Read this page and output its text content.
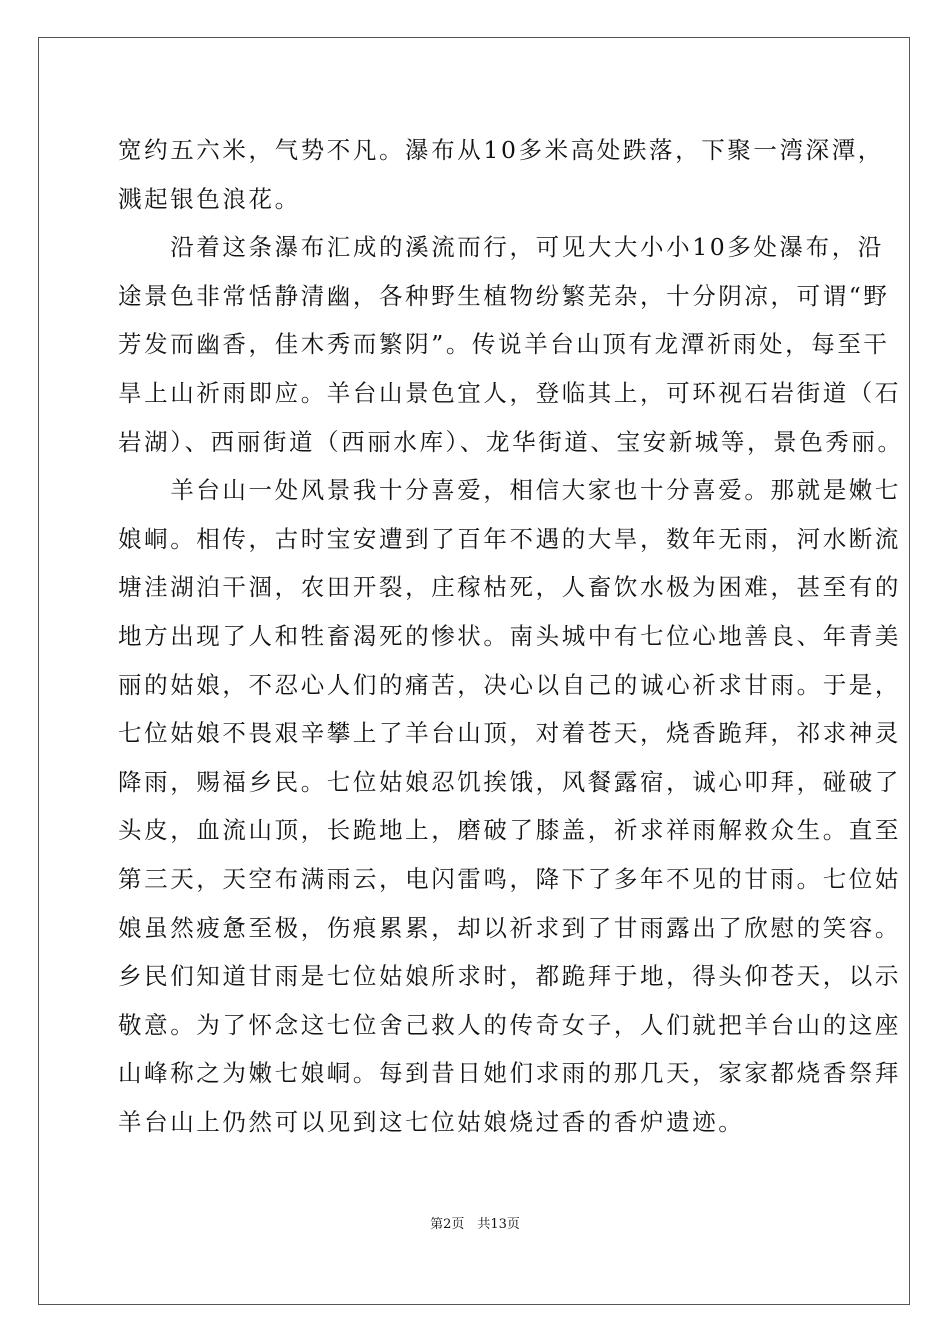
宽约五六米，气势不凡。瀑布从10多米高处跌落，下聚一湾深潭，
溅起银色浪花。
　　沿着这条瀑布汇成的溪流而行，可见大大小小10多处瀑布，沿
途景色非常恬静清幽，各种野生植物纷繁芜杂，十分阴凉，可谓“野
芳发而幽香，佳木秀而繁阴”。传说羊台山顶有龙潭祈雨处，每至干
旱上山祈雨即应。羊台山景色宜人，登临其上，可环视石岩街道（石
岩湖）、西丽街道（西丽水库）、龙华街道、宝安新城等，景色秀丽。
　　羊台山一处风景我十分喜爱，相信大家也十分喜爱。那就是嫩七
娘峒。相传，古时宝安遭到了百年不遇的大旱，数年无雨，河水断流
塘洼湖泊干涸，农田开裂，庄稼枯死，人畜饮水极为困难，甚至有的
地方出现了人和牲畜渴死的惨状。南头城中有七位心地善良、年青美
丽的姑娘，不忍心人们的痛苦，决心以自己的诚心祈求甘雨。于是，
七位姑娘不畏艰辛攀上了羊台山顶，对着苍天，烧香跪拜，祁求神灵
降雨，赐福乡民。七位姑娘忍饥挨饿，风餐露宿，诚心叩拜，碰破了
头皮，血流山顶，长跪地上，磨破了膝盖，祈求祥雨解救众生。直至
第三天，天空布满雨云，电闪雷鸣，降下了多年不见的甘雨。七位姑
娘虽然疲惫至极，伤痕累累，却以祈求到了甘雨露出了欣慰的笑容。
乡民们知道甘雨是七位姑娘所求时，都跪拜于地，得头仰苍天，以示
敬意。为了怀念这七位舍己救人的传奇女子，人们就把羊台山的这座
山峰称之为嫩七娘峒。每到昔日她们求雨的那几天，家家都烧香祭拜
羊台山上仍然可以见到这七位姑娘烧过香的香炉遗迹。
第2页　共13页
